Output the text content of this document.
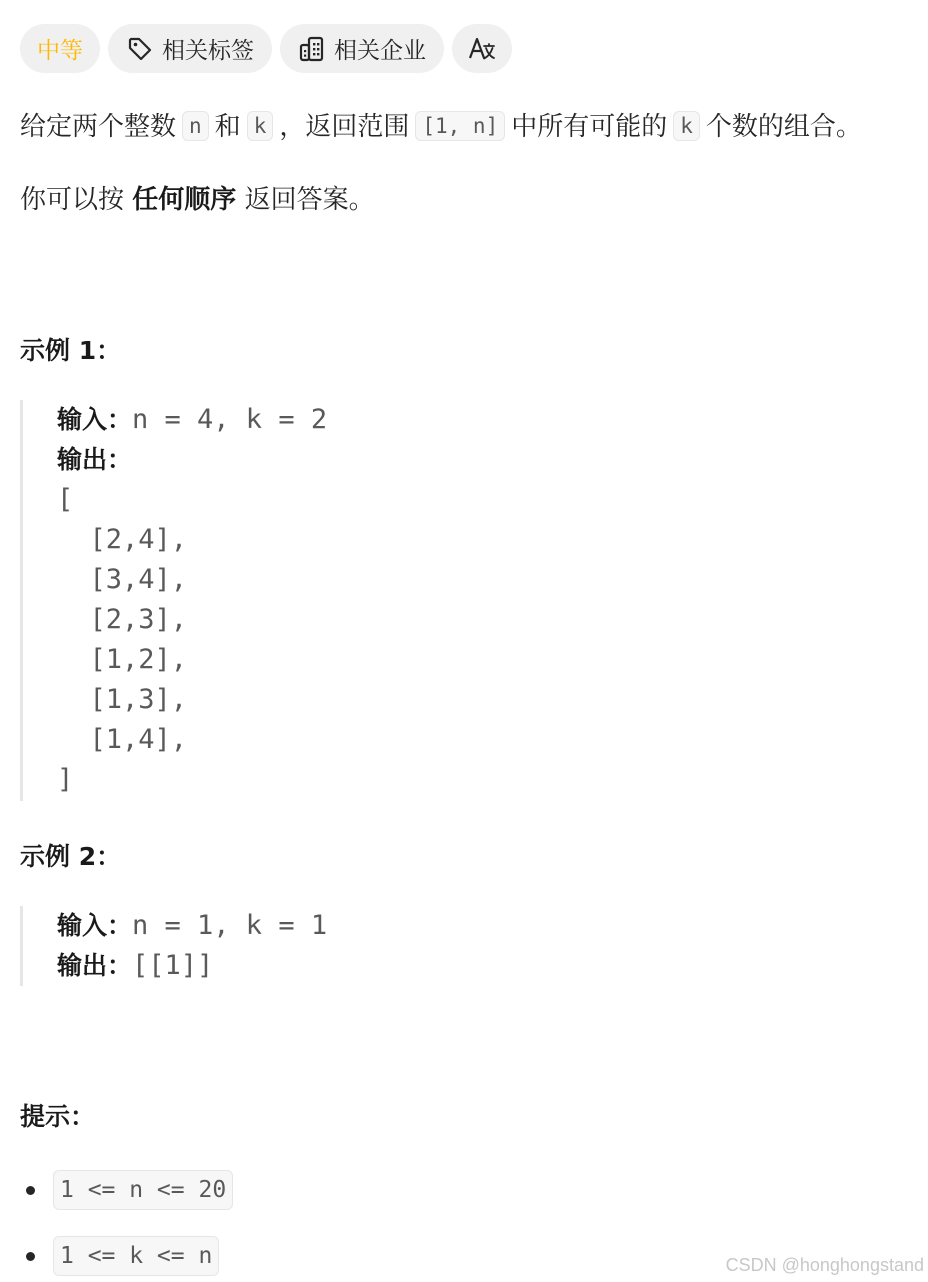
中等	相关标签	相关企业
给定两个整数 n 和 k ，返回范围 [1, n] 中所有可能的 k 个数的组合。
你可以按 任何顺序 返回答案。
示例 1：
输入：n = 4, k = 2
输出：
[
[2,4],
[3,4],
[2,3],
[1,2],
[1,3],
[1,4],
]
示例 2：
输入：n = 1, k = 1
输出：[[1]]
提示：
1 <= n <= 20
1 <= k <= n	CSDN @honghongstand
